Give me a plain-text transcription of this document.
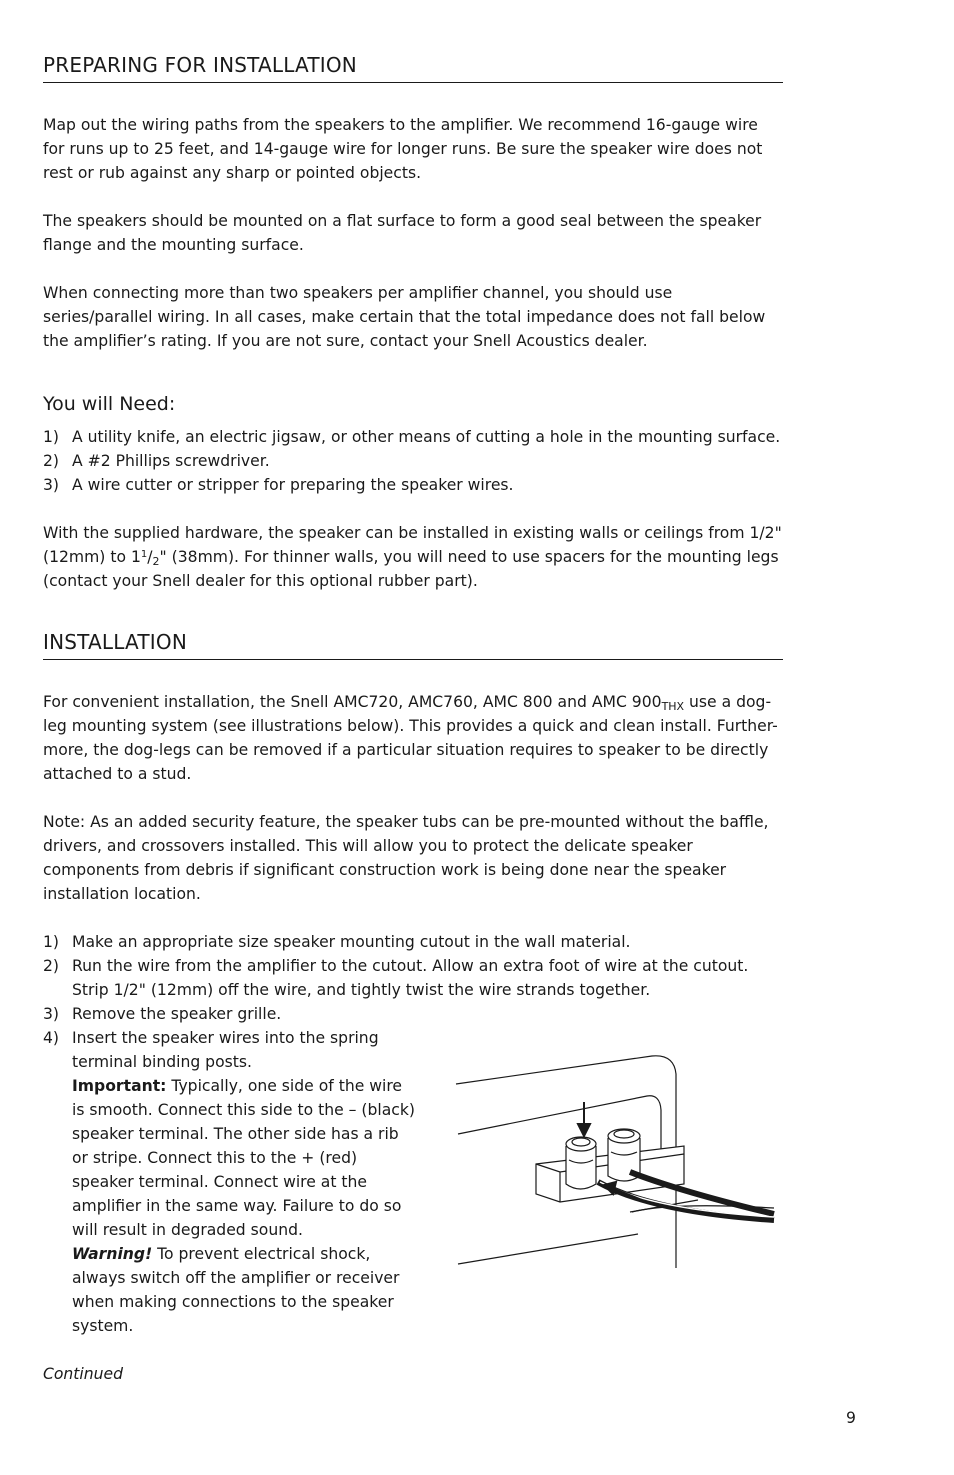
PREPARING FOR INSTALLATION

Map out the wiring paths from the speakers to the amplifier. We recommend 16-gauge wire for runs up to 25 feet, and 14-gauge wire for longer runs. Be sure the speaker wire does not rest or rub against any sharp or pointed objects.

The speakers should be mounted on a flat surface to form a good seal between the speaker flange and the mounting surface.

When connecting more than two speakers per amplifier channel, you should use series/parallel wiring. In all cases, make certain that the total impedance does not fall below the amplifier’s rating. If you are not sure, contact your Snell Acoustics dealer.

You will Need:
1) A utility knife, an electric jigsaw, or other means of cutting a hole in the mounting surface.
2) A #2 Phillips screwdriver.
3) A wire cutter or stripper for preparing the speaker wires.

With the supplied hardware, the speaker can be installed in existing walls or ceilings from 1/2" (12mm) to $1^1/_2$" (38mm). For thinner walls, you will need to use spacers for the mounting legs (contact your Snell dealer for this optional rubber part).

INSTALLATION

For convenient installation, the Snell AMC720, AMC760, AMC 800 and AMC $900_{THX}$ use a dog-leg mounting system (see illustrations below). This provides a quick and clean install. Further-more, the dog-legs can be removed if a particular situation requires to speaker to be directly attached to a stud.

Note: As an added security feature, the speaker tubs can be pre-mounted without the baffle, drivers, and crossovers installed. This will allow you to protect the delicate speaker components from debris if significant construction work is being done near the speaker installation location.

1) Make an appropriate size speaker mounting cutout in the wall material.
2) Run the wire from the amplifier to the cutout. Allow an extra foot of wire at the cutout. Strip 1/2" (12mm) off the wire, and tightly twist the wire strands together.
3) Remove the speaker grille.
4) Insert the speaker wires into the spring terminal binding posts.
Important: Typically, one side of the wire is smooth. Connect this side to the – (black) speaker terminal. The other side has a rib or stripe. Connect this to the + (red) speaker terminal. Connect wire at the amplifier in the same way. Failure to do so will result in degraded sound.
Warning! To prevent electrical shock, always switch off the amplifier or receiver when making connections to the speaker system.

Continued

9
